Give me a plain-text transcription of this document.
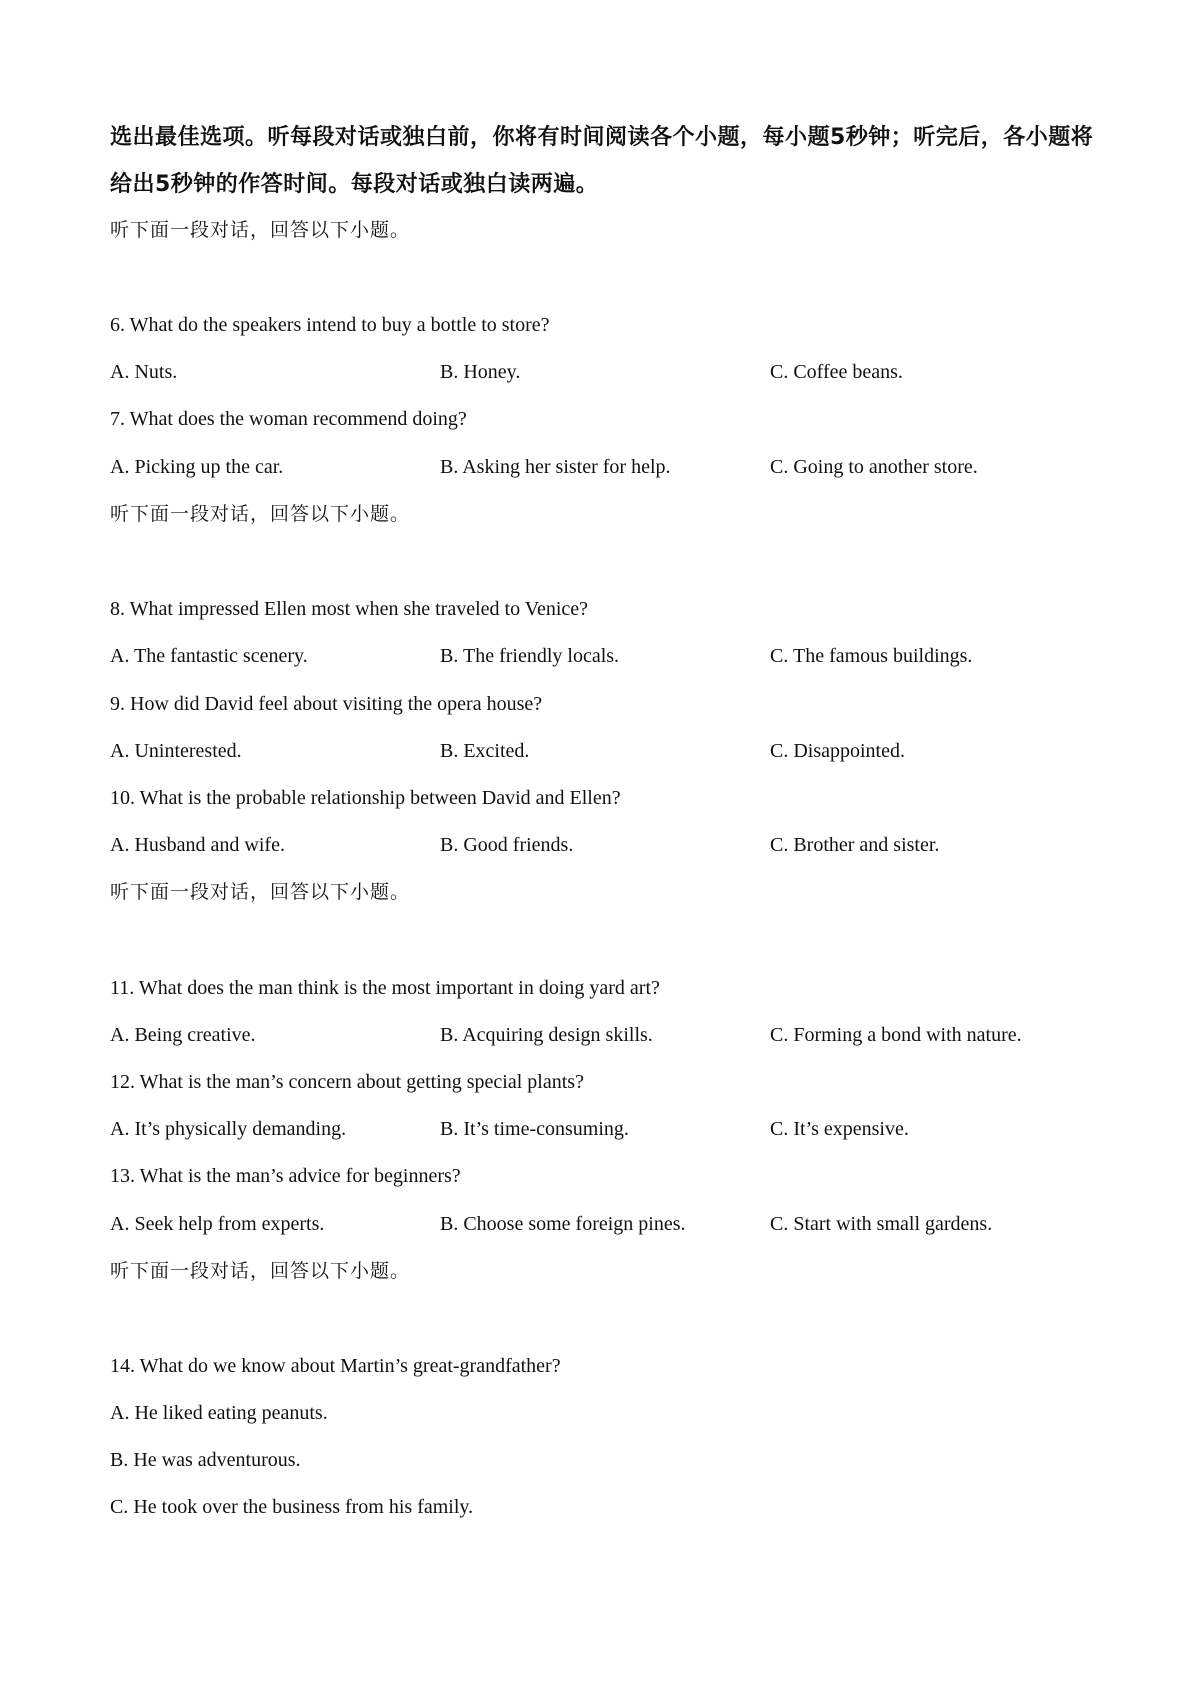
选出最佳选项。听每段对话或独白前，你将有时间阅读各个小题，每小题5秒钟；听完后，各小题将给出5秒钟的作答时间。每段对话或独白读两遍。
听下面一段对话，回答以下小题。
6. What do the speakers intend to buy a bottle to store?
A. Nuts.	B. Honey.	C. Coffee beans.
7. What does the woman recommend doing?
A. Picking up the car.	B. Asking her sister for help.	C. Going to another store.
听下面一段对话，回答以下小题。
8. What impressed Ellen most when she traveled to Venice?
A. The fantastic scenery.	B. The friendly locals.	C. The famous buildings.
9. How did David feel about visiting the opera house?
A. Uninterested.	B. Excited.	C. Disappointed.
10. What is the probable relationship between David and Ellen?
A. Husband and wife.	B. Good friends.	C. Brother and sister.
听下面一段对话，回答以下小题。
11. What does the man think is the most important in doing yard art?
A. Being creative.	B. Acquiring design skills.	C. Forming a bond with nature.
12. What is the man’s concern about getting special plants?
A. It’s physically demanding.	B. It’s time-consuming.	C. It’s expensive.
13. What is the man’s advice for beginners?
A. Seek help from experts.	B. Choose some foreign pines.	C. Start with small gardens.
听下面一段对话，回答以下小题。
14. What do we know about Martin’s great-grandfather?
A. He liked eating peanuts.
B. He was adventurous.
C. He took over the business from his family.
